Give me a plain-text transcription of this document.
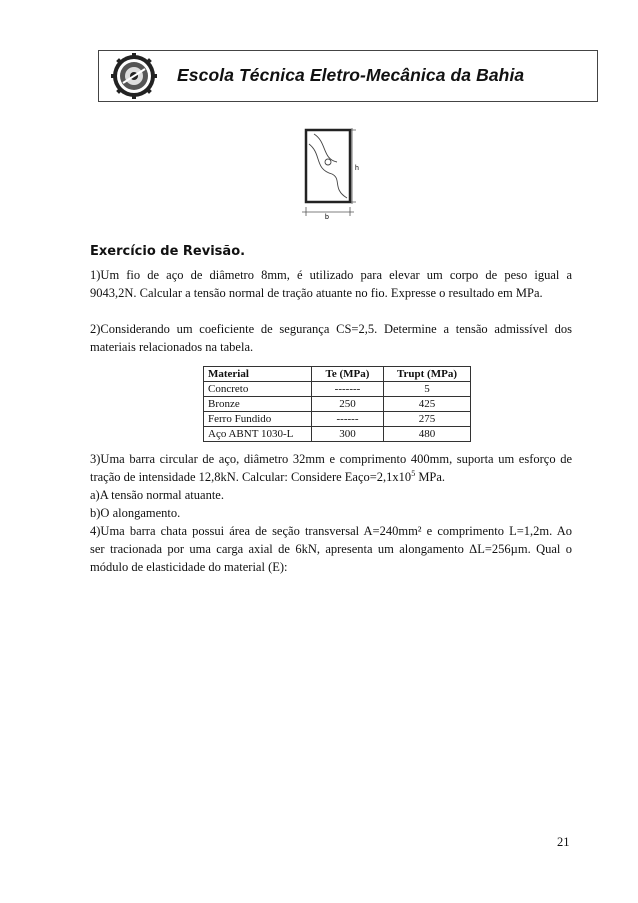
Escola Técnica Eletro-Mecânica da Bahia
h
b
Exercício de Revisão.
1)Um fio de aço de diâmetro 8mm, é utilizado para elevar um corpo de peso igual a
9043,2N. Calcular a tensão normal de tração atuante no fio. Expresse o resultado em MPa.
2)Considerando um coeficiente de segurança CS=2,5. Determine a tensão admissível dos
materiais relacionados na tabela.
Material	Te (MPa)	Trupt (MPa)
Concreto	-------	5
Bronze	250	425
Ferro Fundido	------	275
Aço ABNT 1030-L	300	480
3)Uma barra circular de aço, diâmetro 32mm e comprimento 400mm, suporta um esforço de
tração de intensidade 12,8kN. Calcular: Considere $Eaço=2,1x10^5$ MPa.
a)A tensão normal atuante.
b)O alongamento.
4)Uma barra chata possui área de seção transversal A=240mm² e comprimento L=1,2m. Ao
ser tracionada por uma carga axial de 6kN, apresenta um alongamento ΔL=256µm. Qual o
módulo de elasticidade do material (E):
21
